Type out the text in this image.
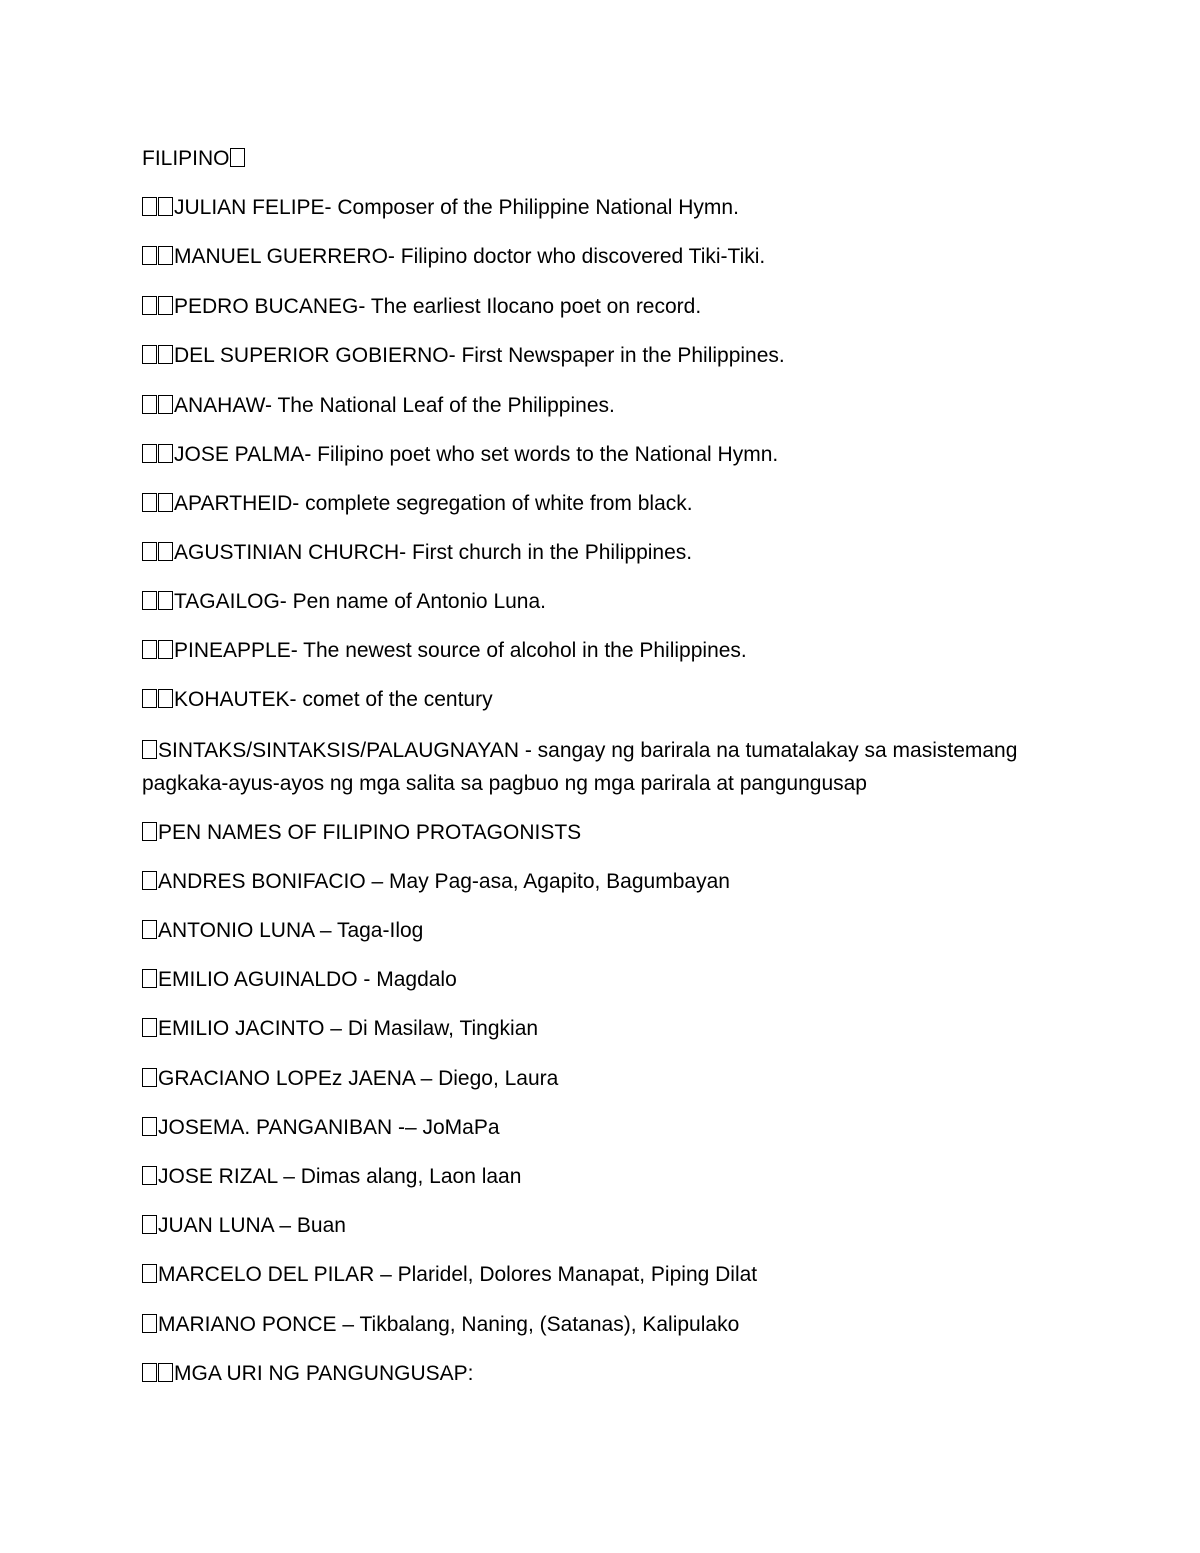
FILIPINO
JULIAN FELIPE- Composer of the Philippine National Hymn.
MANUEL GUERRERO- Filipino doctor who discovered Tiki-Tiki.
PEDRO BUCANEG- The earliest Ilocano poet on record.
DEL SUPERIOR GOBIERNO- First Newspaper in the Philippines.
ANAHAW- The National Leaf of the Philippines.
JOSE PALMA- Filipino poet who set words to the National Hymn.
APARTHEID- complete segregation of white from black.
AGUSTINIAN CHURCH- First church in the Philippines.
TAGAILOG- Pen name of Antonio Luna.
PINEAPPLE- The newest source of alcohol in the Philippines.
KOHAUTEK- comet of the century
SINTAKS/SINTAKSIS/PALAUGNAYAN - sangay ng barirala na tumatalakay sa masistemang pagkaka-ayus-ayos ng mga salita sa pagbuo ng mga parirala at pangungusap
PEN NAMES OF FILIPINO PROTAGONISTS
ANDRES BONIFACIO – May Pag-asa, Agapito, Bagumbayan
ANTONIO LUNA – Taga-Ilog
EMILIO AGUINALDO - Magdalo
EMILIO JACINTO – Di Masilaw, Tingkian
GRACIANO LOPEz JAENA – Diego, Laura
JOSEMA. PANGANIBAN -– JoMaPa
JOSE RIZAL – Dimas alang, Laon laan
JUAN LUNA – Buan
MARCELO DEL PILAR – Plaridel, Dolores Manapat, Piping Dilat
MARIANO PONCE – Tikbalang, Naning, (Satanas), Kalipulako
MGA URI NG PANGUNGUSAP:
